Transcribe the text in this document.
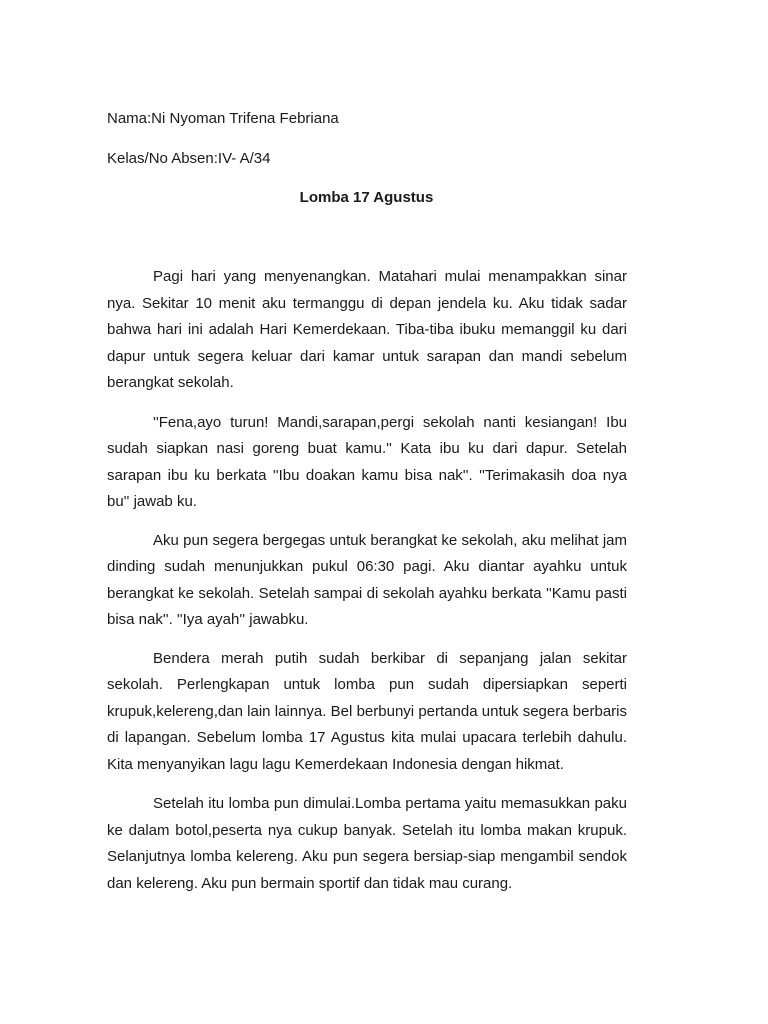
Nama:Ni Nyoman Trifena Febriana

Kelas/No Absen:IV- A/34

Lomba 17 Agustus

Pagi hari yang menyenangkan. Matahari mulai menampakkan sinar nya. Sekitar 10 menit aku termanggu di depan jendela ku. Aku tidak sadar bahwa hari ini adalah Hari Kemerdekaan. Tiba-tiba ibuku memanggil ku dari dapur untuk segera keluar dari kamar untuk sarapan dan mandi sebelum berangkat sekolah.

''Fena,ayo turun! Mandi,sarapan,pergi sekolah nanti kesiangan! Ibu sudah siapkan nasi goreng buat kamu.'' Kata ibu ku dari dapur. Setelah sarapan ibu ku berkata ''Ibu doakan kamu bisa nak''. ''Terimakasih doa nya bu'' jawab ku.

Aku pun segera bergegas untuk berangkat ke sekolah, aku melihat jam dinding sudah menunjukkan pukul 06:30 pagi. Aku diantar ayahku untuk berangkat ke sekolah. Setelah sampai di sekolah ayahku berkata ''Kamu pasti bisa nak''. ''Iya ayah'' jawabku.

Bendera merah putih sudah berkibar di sepanjang jalan sekitar sekolah. Perlengkapan untuk lomba pun sudah dipersiapkan seperti krupuk,kelereng,dan lain lainnya. Bel berbunyi pertanda untuk segera berbaris di lapangan. Sebelum lomba 17 Agustus kita mulai upacara terlebih dahulu. Kita menyanyikan lagu lagu Kemerdekaan Indonesia dengan hikmat.

Setelah itu lomba pun dimulai.Lomba pertama yaitu memasukkan paku ke dalam botol,peserta nya cukup banyak. Setelah itu lomba makan krupuk. Selanjutnya lomba kelereng. Aku pun segera bersiap-siap mengambil sendok dan kelereng. Aku pun bermain sportif dan tidak mau curang.
